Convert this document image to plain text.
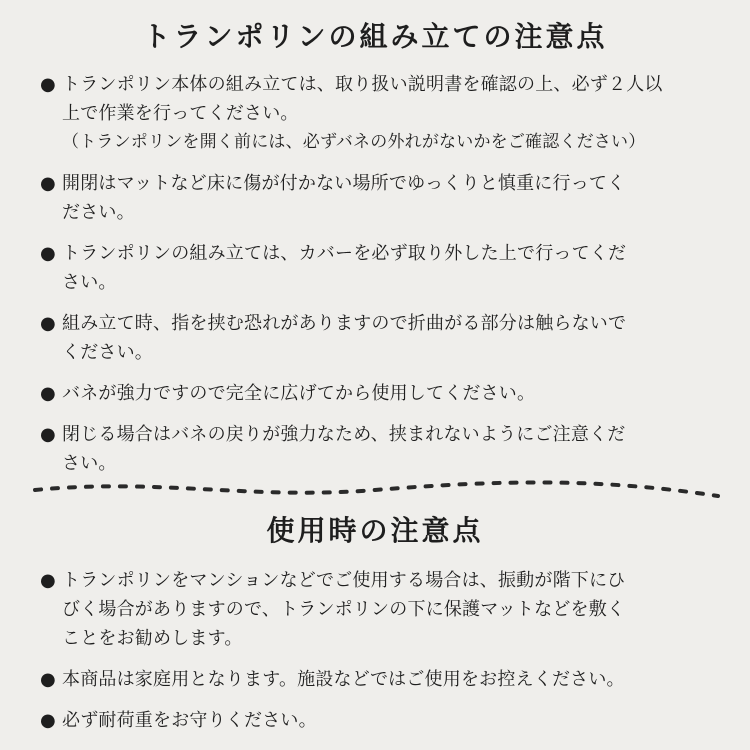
トランポリンの組み立ての注意点
● トランポリン本体の組み立ては、取り扱い説明書を確認の上、必ず２人以
上で作業を行ってください。
（トランポリンを開く前には、必ずバネの外れがないかをご確認ください）
● 開閉はマットなど床に傷が付かない場所でゆっくりと慎重に行ってく
ださい。
● トランポリンの組み立ては、カバーを必ず取り外した上で行ってくだ
さい。
● 組み立て時、指を挟む恐れがありますので折曲がる部分は触らないで
ください。
● バネが強力ですので完全に広げてから使用してください。
● 閉じる場合はバネの戻りが強力なため、挟まれないようにご注意くだ
さい。
使用時の注意点
● トランポリンをマンションなどでご使用する場合は、振動が階下にひ
びく場合がありますので、トランポリンの下に保護マットなどを敷く
ことをお勧めします。
● 本商品は家庭用となります。施設などではご使用をお控えください。
● 必ず耐荷重をお守りください。
